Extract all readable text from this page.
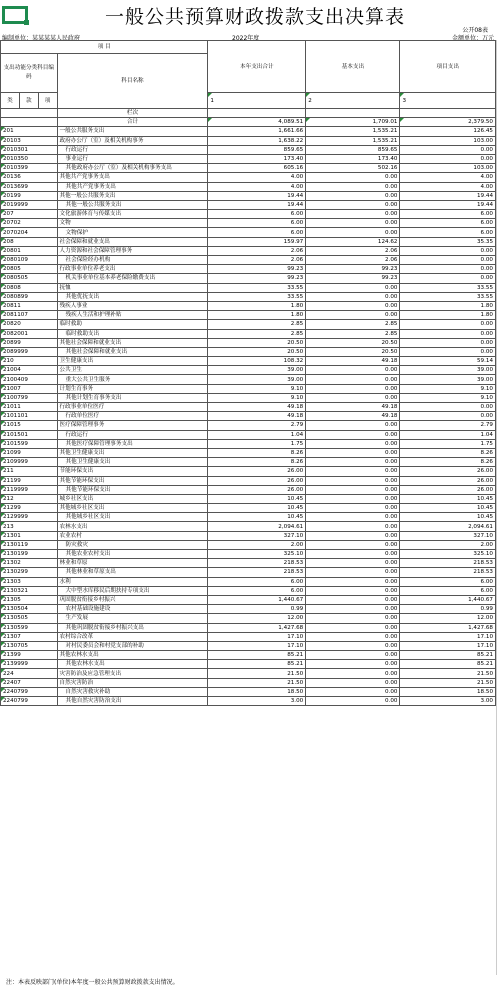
一般公共预算财政拨款支出决算表
公开08表
编制单位：某某某某人民政府	2022年度	金额单位：万元
项 目				本年支出合计	基本支出	项目支出
支出功能分类科目编码			科目名称			
类	款	项		1	2	3
			栏次			
			合计	4,089.51	1,709.01	2,379.50
201			一般公共服务支出	1,661.66	1,535.21	126.45
20103			政府办公厅（室）及相关机构事务	1,638.22	1,535.21	103.00
2010301			行政运行	859.65	859.65	0.00
2010350			事业运行	173.40	173.40	0.00
2010399			其他政府办公厅（室）及相关机构事务支出	605.16	502.16	103.00
20136			其他共产党事务支出	4.00	0.00	4.00
2013699			其他共产党事务支出	4.00	0.00	4.00
20199			其他一般公共服务支出	19.44	0.00	19.44
2019999			其他一般公共服务支出	19.44	0.00	19.44
207			文化旅游体育与传媒支出	6.00	0.00	6.00
20702			文物	6.00	0.00	6.00
2070204			文物保护	6.00	0.00	6.00
208			社会保障和就业支出	159.97	124.62	35.35
20801			人力资源和社会保障管理事务	2.06	2.06	0.00
2080109			社会保险经办机构	2.06	2.06	0.00
20805			行政事业单位养老支出	99.23	99.23	0.00
2080505			机关事业单位基本养老保险缴费支出	99.23	99.23	0.00
20808			抚恤	33.55	0.00	33.55
2080899			其他优抚支出	33.55	0.00	33.55
20811			残疾人事业	1.80	0.00	1.80
2081107			残疾人生活和护理补贴	1.80	0.00	1.80
20820			临时救助	2.85	2.85	0.00
2082001			临时救助支出	2.85	2.85	0.00
20899			其他社会保障和就业支出	20.50	20.50	0.00
2089999			其他社会保障和就业支出	20.50	20.50	0.00
210			卫生健康支出	108.32	49.18	59.14
21004			公共卫生	39.00	0.00	39.00
2100409			重大公共卫生服务	39.00	0.00	39.00
21007			计划生育事务	9.10	0.00	9.10
2100799			其他计划生育事务支出	9.10	0.00	9.10
21011			行政事业单位医疗	49.18	49.18	0.00
2101101			行政单位医疗	49.18	49.18	0.00
21015			医疗保障管理事务	2.79	0.00	2.79
2101501			行政运行	1.04	0.00	1.04
2101599			其他医疗保障管理事务支出	1.75	0.00	1.75
21099			其他卫生健康支出	8.26	0.00	8.26
2109999			其他卫生健康支出	8.26	0.00	8.26
211			节能环保支出	26.00	0.00	26.00
21199			其他节能环保支出	26.00	0.00	26.00
2119999			其他节能环保支出	26.00	0.00	26.00
212			城乡社区支出	10.45	0.00	10.45
21299			其他城乡社区支出	10.45	0.00	10.45
2129999			其他城乡社区支出	10.45	0.00	10.45
213			农林水支出	2,094.61	0.00	2,094.61
21301			农业农村	327.10	0.00	327.10
2130119			防灾救灾	2.00	0.00	2.00
2130199			其他农业农村支出	325.10	0.00	325.10
21302			林业和草原	218.53	0.00	218.53
2130299			其他林业和草原支出	218.53	0.00	218.53
21303			水利	6.00	0.00	6.00
2130321			大中型水库移民后期扶持专项支出	6.00	0.00	6.00
21305			巩固脱贫衔接乡村振兴	1,440.67	0.00	1,440.67
2130504			农村基础设施建设	0.99	0.00	0.99
2130505			生产发展	12.00	0.00	12.00
2130599			其他巩固脱贫衔接乡村振兴支出	1,427.68	0.00	1,427.68
21307			农村综合改革	17.10	0.00	17.10
2130705			对村民委员会和村党支部的补助	17.10	0.00	17.10
21399			其他农林水支出	85.21	0.00	85.21
2139999			其他农林水支出	85.21	0.00	85.21
224			灾害防治及应急管理支出	21.50	0.00	21.50
22407			自然灾害防治	21.50	0.00	21.50
2240799			自然灾害救灾补助	18.50	0.00	18.50
2240799			其他自然灾害防治支出	3.00	0.00	3.00
注：本表反映部门(单位)本年度一般公共预算财政拨款支出情况。
